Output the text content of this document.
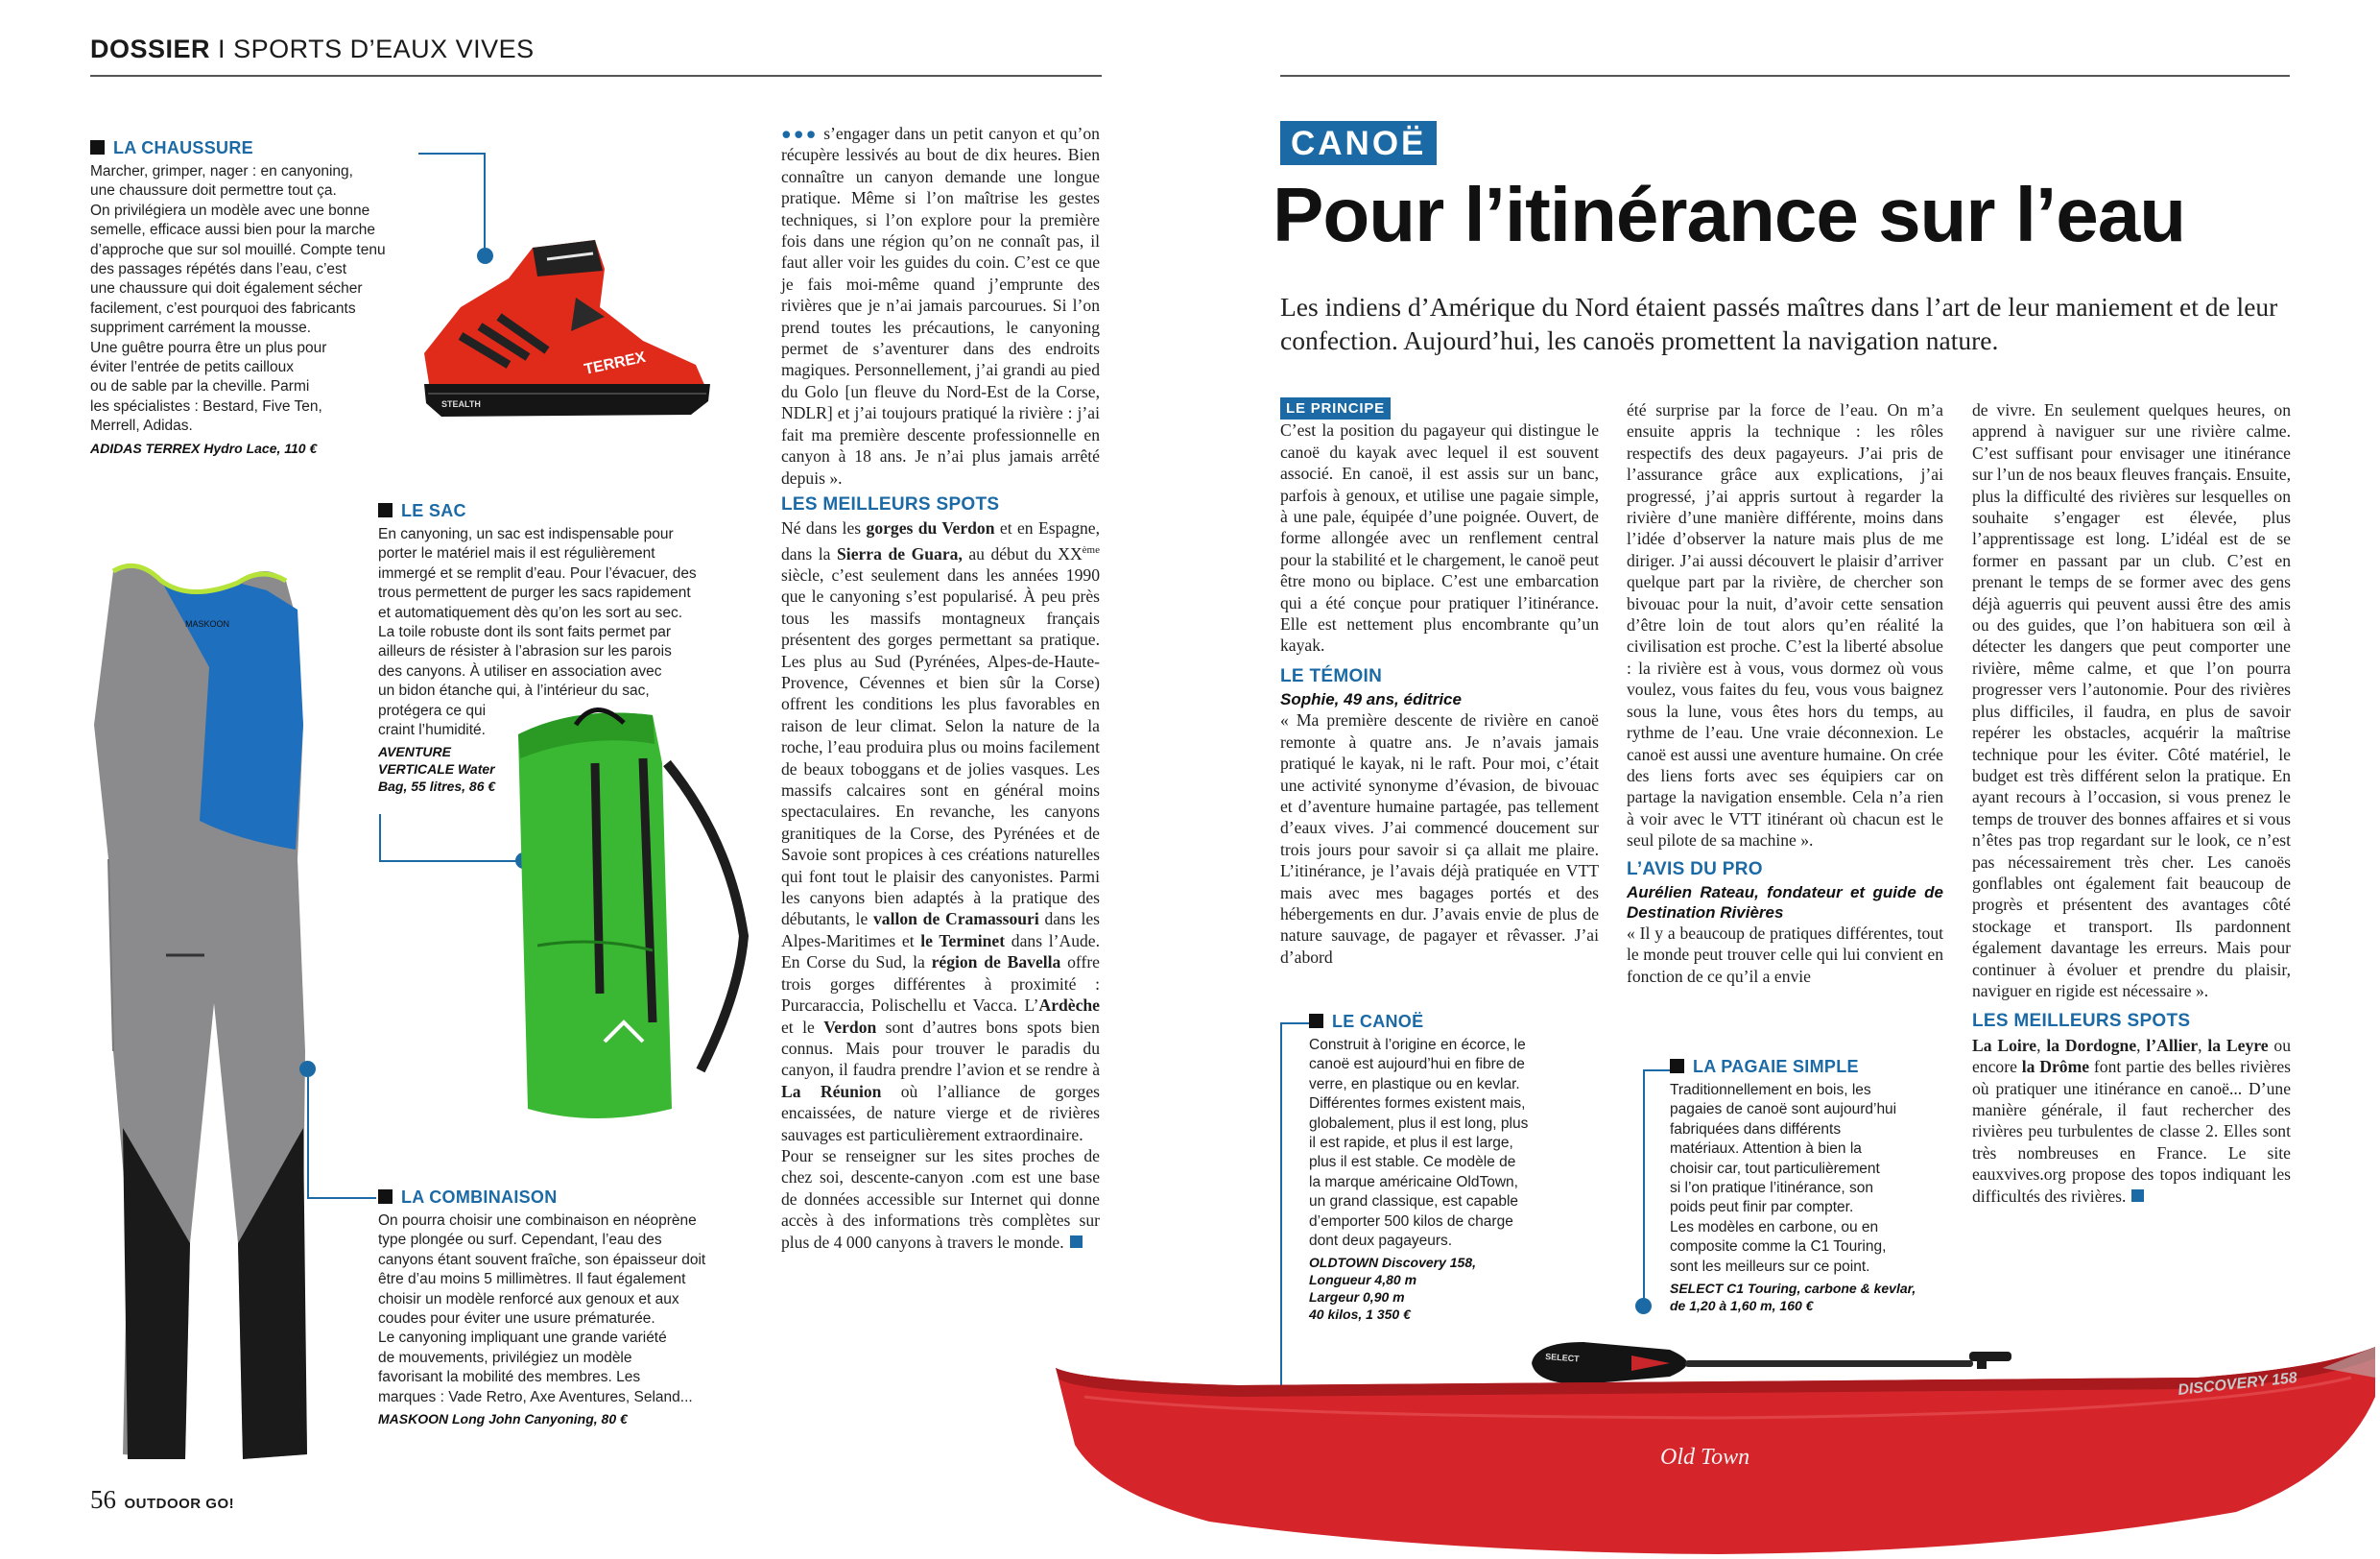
DOSSIER I SPORTS D’EAUX VIVES
LA CHAUSSURE
Marcher, grimper, nager : en canyoning,
une chaussure doit permettre tout ça.
On privilégiera un modèle avec une bonne
semelle, efficace aussi bien pour la marche
d’approche que sur sol mouillé. Compte tenu
des passages répétés dans l’eau, c’est
une chaussure qui doit également sécher
facilement, c’est pourquoi des fabricants
suppriment carrément la mousse.
Une guêtre pourra être un plus pour
éviter l’entrée de petits cailloux
ou de sable par la cheville. Parmi
les spécialistes : Bestard, Five Ten,
Merrell, Adidas.
ADIDAS TERREX Hydro Lace, 110 €
TERREX
STEALTH
LE SAC
En canyoning, un sac est indispensable pour
porter le matériel mais il est régulièrement
immergé et se remplit d’eau. Pour l’évacuer, des
trous permettent de purger les sacs rapidement
et automatiquement dès qu’on les sort au sec.
La toile robuste dont ils sont faits permet par
ailleurs de résister à l’abrasion sur les parois
des canyons. À utiliser en association avec
un bidon étanche qui, à l’intérieur du sac,
protégera ce qui
craint l’humidité.
AVENTURE
VERTICALE Water
Bag, 55 litres, 86 €
MASKOON
LA COMBINAISON
On pourra choisir une combinaison en néoprène
type plongée ou surf. Cependant, l’eau des
canyons étant souvent fraîche, son épaisseur doit
être d’au moins 5 millimètres. Il faut également
choisir un modèle renforcé aux genoux et aux
coudes pour éviter une usure prématurée.
Le canyoning impliquant une grande variété
de mouvements, privilégiez un modèle
favorisant la mobilité des membres. Les
marques : Vade Retro, Axe Aventures, Seland...
MASKOON Long John Canyoning, 80 €

●●● s’engager dans un petit canyon et qu’on récupère lessivés au bout de dix heures. Bien connaître un canyon demande une longue pratique. Même si l’on maîtrise les gestes techniques, si l’on explore pour la première fois dans une région qu’on ne connaît pas, il faut aller voir les guides du coin. C’est ce que je fais moi-même quand j’emprunte des rivières que je n’ai jamais parcourues. Si l’on prend toutes les précautions, le canyoning permet de s’aventurer dans des endroits magiques. Personnellement, j’ai grandi au pied du Golo [un fleuve du Nord-Est de la Corse, NDLR] et j’ai toujours pratiqué la rivière : j’ai fait ma première descente professionnelle en canyon à 18 ans. Je n’ai plus jamais arrêté depuis ».

LES MEILLEURS SPOTS

Né dans les gorges du Verdon et en Espagne, dans la Sierra de Guara, au début du XXème siècle, c’est seulement dans les années 1990 que le canyoning s’est popularisé. À peu près tous les massifs montagneux français présentent des gorges permettant sa pratique. Les plus au Sud (Pyrénées, Alpes-de-Haute-Provence, Cévennes et bien sûr la Corse) offrent les conditions les plus favorables en raison de leur climat. Selon la nature de la roche, l’eau produira plus ou moins facilement de beaux toboggans et de jolies vasques. Les massifs calcaires sont en général moins spectaculaires. En revanche, les canyons granitiques de la Corse, des Pyrénées et de Savoie sont propices à ces créations naturelles qui font tout le plaisir des canyonistes. Parmi les canyons bien adaptés à la pratique des débutants, le vallon de Cramassouri dans les Alpes-Maritimes et le Terminet dans l’Aude. En Corse du Sud, la région de Bavella offre trois gorges différentes à proximité : Purcaraccia, Polischellu et Vacca. L’Ardèche et le Verdon sont d’autres bons spots bien connus. Mais pour trouver le paradis du canyon, il faudra prendre l’avion et se rendre à La Réunion où l’alliance de gorges encaissées, de nature vierge et de rivières sauvages est particulièrement extraordinaire.

Pour se renseigner sur les sites proches de chez soi, descente-canyon .com est une base de données accessible sur Internet qui donne accès à des informations très complètes sur plus de 4 000 canyons à travers le monde.

56 OUTDOOR GO!
CANOË
Pour l’itinérance sur l’eau
Les indiens d’Amérique du Nord étaient passés maîtres dans l’art de leur maniement et de leur confection. Aujourd’hui, les canoës promettent la navigation nature.
LE PRINCIPE

C’est la position du pagayeur qui distingue le canoë du kayak avec lequel il est souvent associé. En canoë, il est assis sur un banc, parfois à genoux, et utilise une pagaie simple, à une pale, équipée d’une poignée. Ouvert, de forme allongée avec un renflement central pour la stabilité et le chargement, le canoë peut être mono ou biplace. C’est une embarcation qui a été conçue pour pratiquer l’itinérance. Elle est nettement plus encombrante qu’un kayak.

LE TÉMOIN
Sophie, 49 ans, éditrice

« Ma première descente de rivière en canoë remonte à quatre ans. Je n’avais jamais pratiqué le kayak, ni le raft. Pour moi, c’était une activité synonyme d’évasion, de bivouac et d’aventure humaine partagée, pas tellement d’eaux vives. J’ai commencé doucement sur trois jours pour savoir si ça allait me plaire. L’itinérance, je l’avais déjà pratiquée en VTT mais avec mes bagages portés et des hébergements en dur. J’avais envie de plus de nature sauvage, de pagayer et rêvasser. J’ai d’abord

été surprise par la force de l’eau. On m’a ensuite appris la technique : les rôles respectifs des deux pagayeurs. J’ai pris de l’assurance grâce aux explications, j’ai progressé, j’ai appris surtout à regarder la rivière d’une manière différente, moins dans l’idée d’observer la nature mais plus de me diriger. J’ai aussi découvert le plaisir d’arriver quelque part par la rivière, de chercher son bivouac pour la nuit, d’avoir cette sensation d’être loin de tout alors qu’en réalité la civilisation est proche. C’est la liberté absolue : la rivière est à vous, vous dormez où vous voulez, vous faites du feu, vous vous baignez sous la lune, vous êtes hors du temps, au rythme de l’eau. Une vraie déconnexion. Le canoë est aussi une aventure humaine. On crée des liens forts avec ses équipiers car on partage la navigation ensemble. Cela n’a rien à voir avec le VTT itinérant où chacun est le seul pilote de sa machine ».

L’AVIS DU PRO
Aurélien Rateau, fondateur et guide de Destination Rivières

« Il y a beaucoup de pratiques différentes, tout le monde peut trouver celle qui lui convient en fonction de ce qu’il a envie

de vivre. En seulement quelques heures, on apprend à naviguer sur une rivière calme. C’est suffisant pour envisager une itinérance sur l’un de nos beaux fleuves français. Ensuite, plus la difficulté des rivières sur lesquelles on souhaite s’engager est élevée, plus l’apprentissage est long. L’idéal est de se former en passant par un club. C’est en prenant le temps de se former avec des gens déjà aguerris qui peuvent aussi être des amis ou des guides, que l’on habituera son œil à détecter les dangers que peut comporter une rivière, même calme, et que l’on pourra progresser vers l’autonomie. Pour des rivières plus difficiles, il faudra, en plus de savoir repérer les obstacles, acquérir la maîtrise technique pour les éviter. Côté matériel, le budget est très différent selon la pratique. En ayant recours à l’occasion, si vous prenez le temps de trouver des bonnes affaires et si vous n’êtes pas trop regardant sur le look, ce n’est pas nécessairement très cher. Les canoës gonflables ont également fait beaucoup de progrès et présentent des avantages côté stockage et transport. Ils pardonnent également davantage les erreurs. Mais pour continuer à évoluer et prendre du plaisir, naviguer en rigide est nécessaire ».

LES MEILLEURS SPOTS

La Loire, la Dordogne, l’Allier, la Leyre ou encore la Drôme font partie des belles rivières où pratiquer une itinérance en canoë... D’une manière générale, il faut rechercher des rivières peu turbulentes de classe 2. Elles sont très nombreuses en France. Le site eauxvives.org propose des topos indiquant les difficultés des rivières.

LE CANOË
Construit à l’origine en écorce, le
canoë est aujourd’hui en fibre de
verre, en plastique ou en kevlar.
Différentes formes existent mais,
globalement, plus il est long, plus
il est rapide, et plus il est large,
plus il est stable. Ce modèle de
la marque américaine OldTown,
un grand classique, est capable
d’emporter 500 kilos de charge
dont deux pagayeurs.
OLDTOWN Discovery 158,
Longueur 4,80 m
Largeur 0,90 m
40 kilos, 1 350 €
LA PAGAIE SIMPLE
Traditionnellement en bois, les
pagaies de canoë sont aujourd’hui
fabriquées dans différents
matériaux. Attention à bien la
choisir car, tout particulièrement
si l’on pratique l’itinérance, son
poids peut finir par compter.
Les modèles en carbone, ou en
composite comme la C1 Touring,
sont les meilleurs sur ce point.
SELECT C1 Touring, carbone & kevlar,
de 1,20 à 1,60 m, 160 €
SELECT
Old Town
DISCOVERY 158
